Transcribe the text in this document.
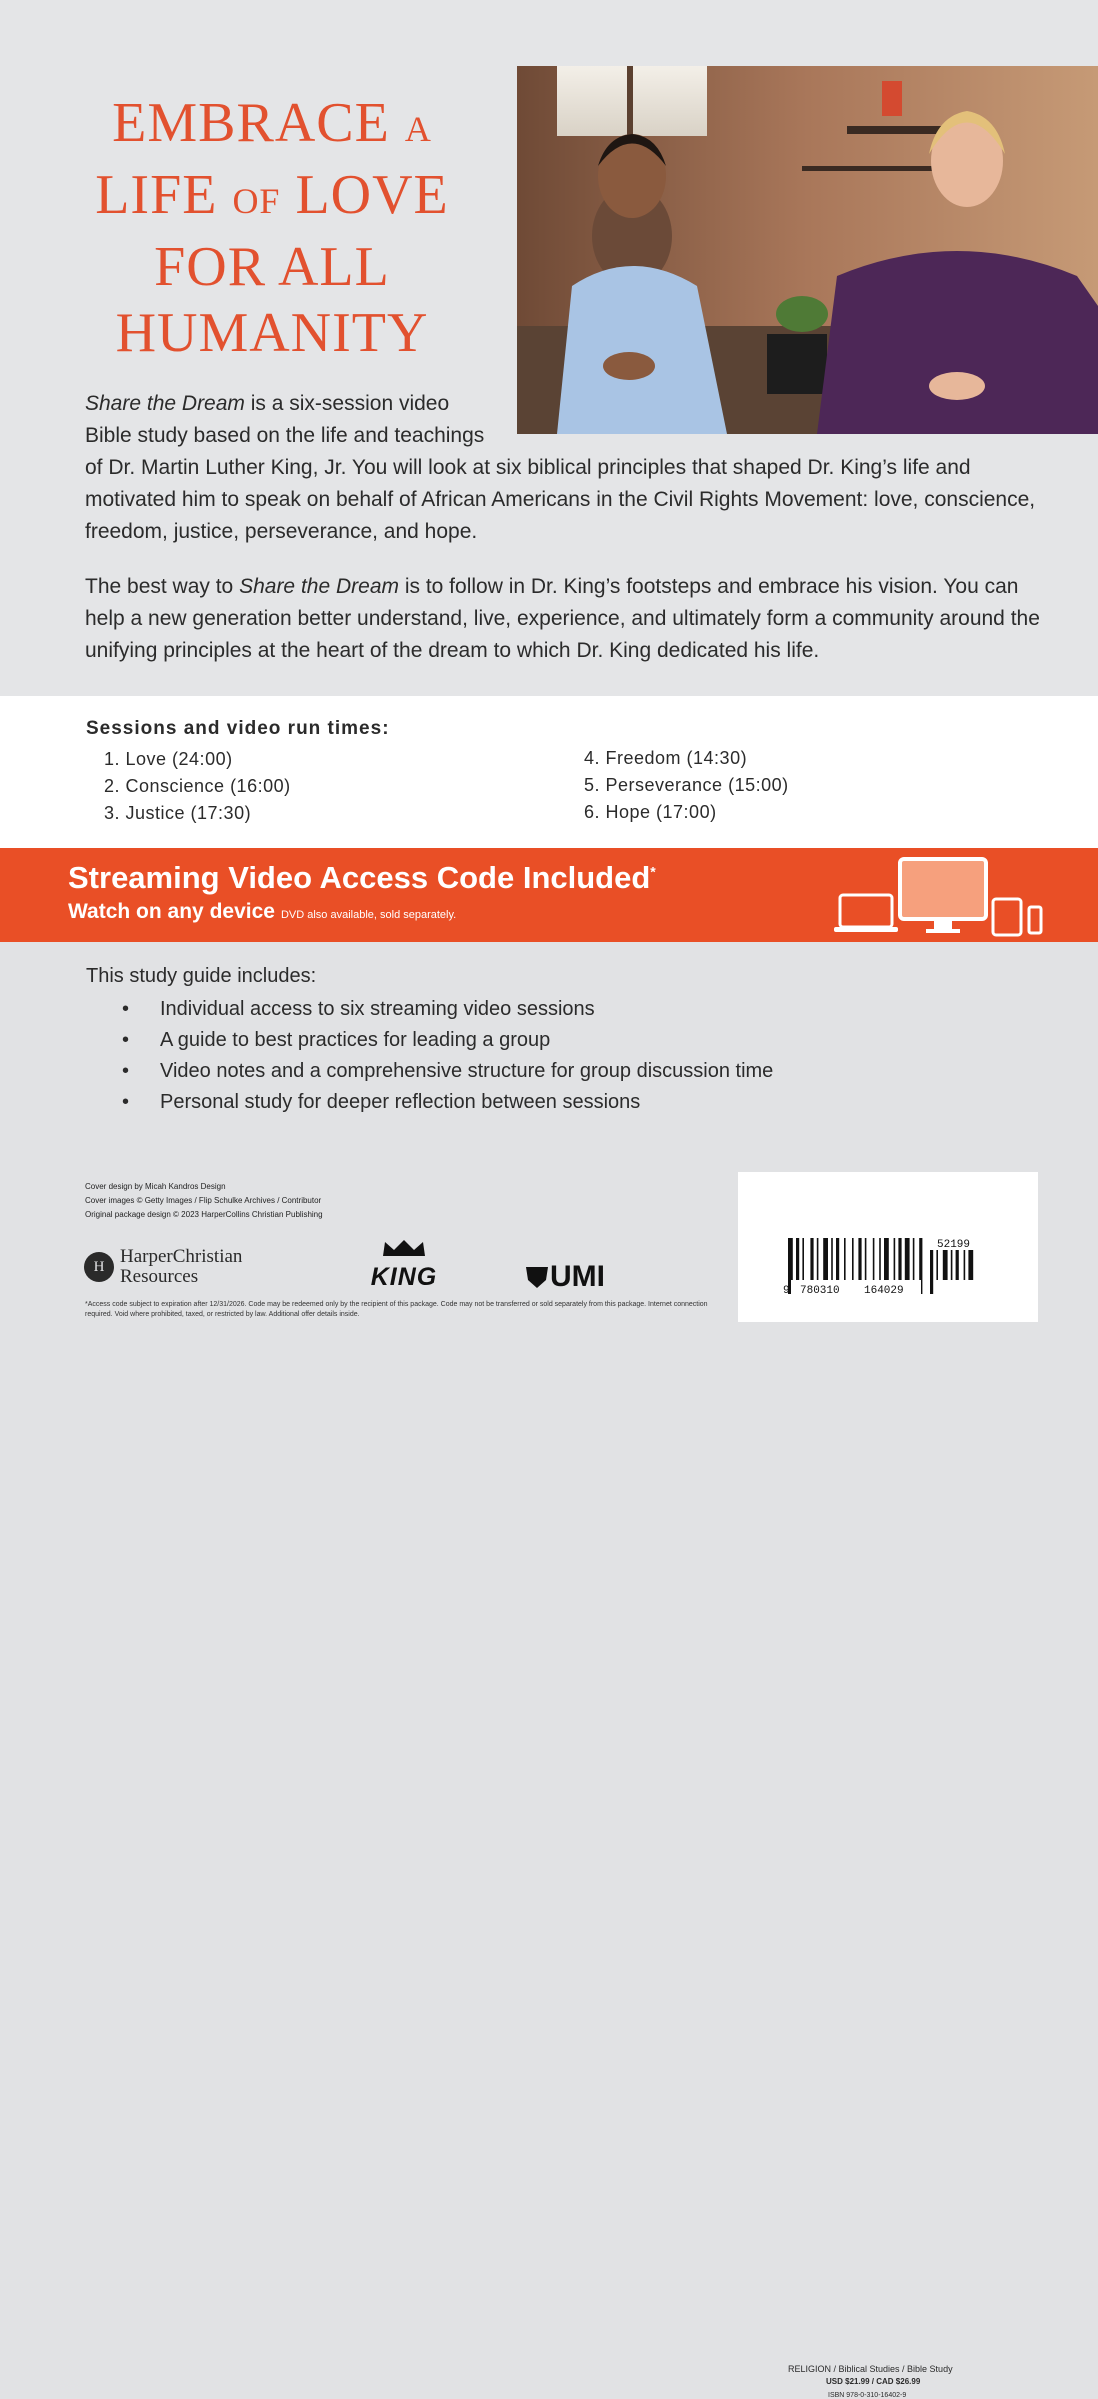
EMBRACE A
LIFE OF LOVE
FOR ALL
HUMANITY
Share the Dream is a six-session video
Bible study based on the life and teachings
of Dr. Martin Luther King, Jr. You will look at six biblical principles that shaped Dr. King’s life and motivated him to speak on behalf of African Americans in the Civil Rights Movement: love, conscience, freedom, justice, perseverance, and hope.
The best way to Share the Dream is to follow in Dr. King’s footsteps and embrace his vision. You can help a new generation better understand, live, experience, and ultimately form a community around the unifying principles at the heart of the dream to which Dr. King dedicated his life.
Sessions and video run times:
1. Love (24:00)
2. Conscience (16:00)
3. Justice (17:30)
4. Freedom (14:30)
5. Perseverance (15:00)
6. Hope (17:00)
Streaming Video Access Code Included*
Watch on any device DVD also available, sold separately.
This study guide includes:
• Individual access to six streaming video sessions
• A guide to best practices for leading a group
• Video notes and a comprehensive structure for group discussion time
• Personal study for deeper reflection between sessions
Cover design by Micah Kandros Design
Cover images © Getty Images / Flip Schulke Archives / Contributor
Original package design © 2023 HarperCollins Christian Publishing
H HarperChristian
Resources	KING	UMI
*Access code subject to expiration after 12/31/2026. Code may be redeemed only by the recipient of this package. Code may not be transferred or sold separately from this package. Internet connection required. Void where prohibited, taxed, or restricted by law. Additional offer details inside.
RELIGION / Biblical Studies / Bible Study
USD $21.99 / CAD $26.99
ISBN 978-0-310-16402-9
9 780310 164029
52199
